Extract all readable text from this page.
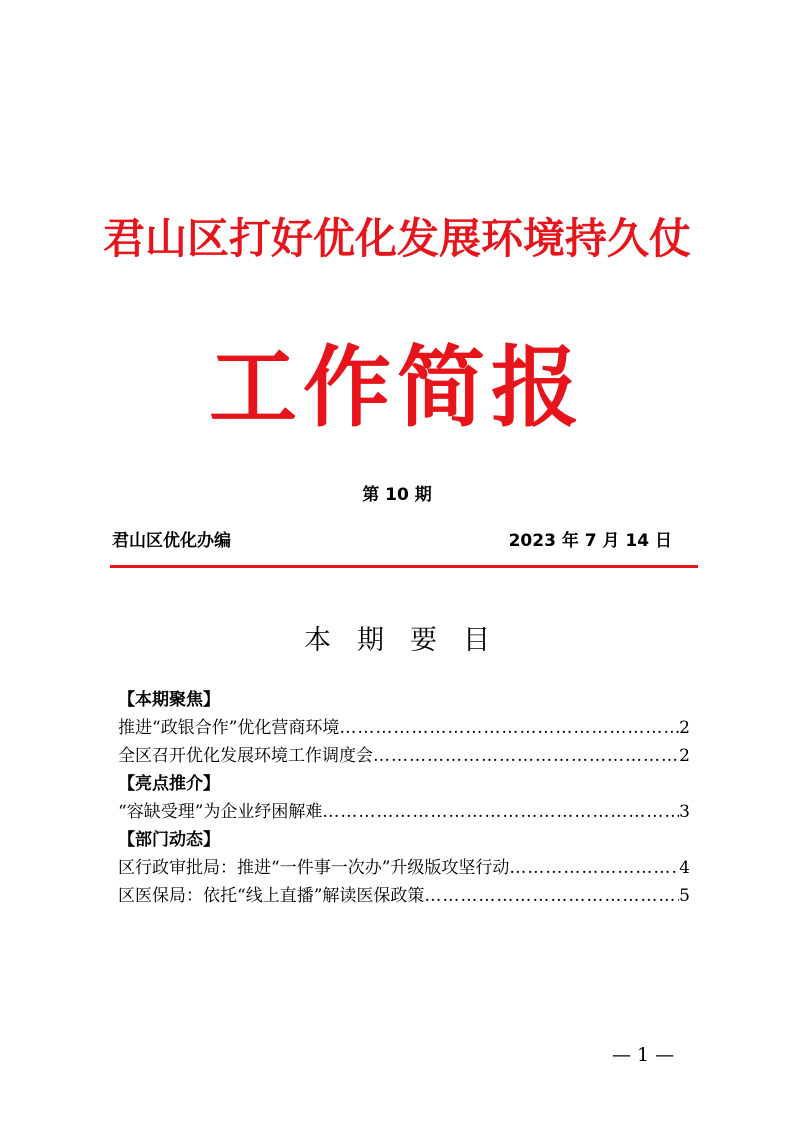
君山区打好优化发展环境持久仗
工作简报
第 10 期
君山区优化办编	2023 年 7 月 14 日
本期要目
【本期聚焦】
推进“政银合作”优化营商环境 ……………………………………………………………………………………………………………………	2
全区召开优化发展环境工作调度会 ……………………………………………………………………………………………………………………	2
【亮点推介】
“容缺受理”为企业纾困解难 ……………………………………………………………………………………………………………………	3
【部门动态】
区行政审批局：推进“一件事一次办”升级版攻坚行动 ……………………………………………………………………………………………………………………	4
区医保局：依托“线上直播”解读医保政策 ……………………………………………………………………………………………………………………	5
— 1 —
